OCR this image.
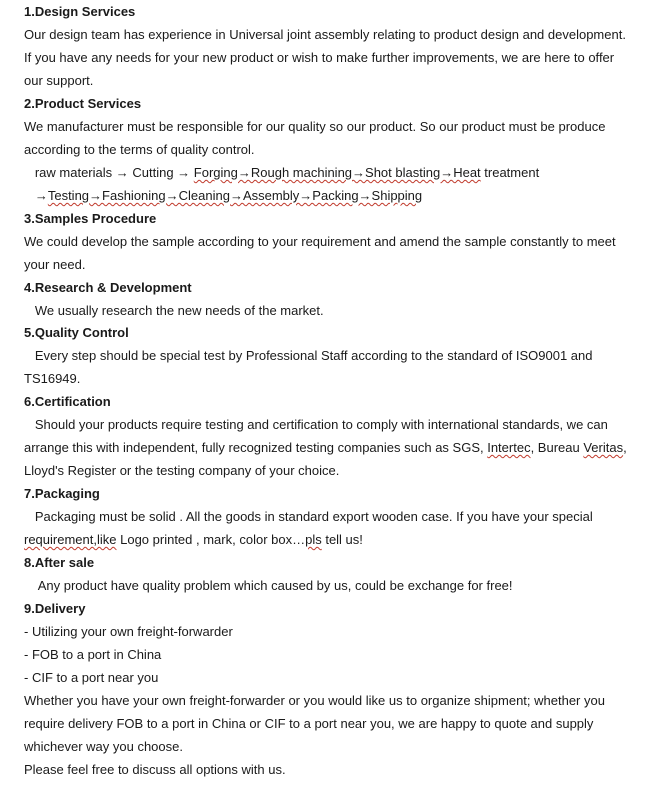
1.Design Services
Our design team has experience in Universal joint assembly relating to product design and development.
If you have any needs for your new product or wish to make further improvements, we are here to offer
our support.
2.Product Services
We manufacturer must be responsible for our quality so our product. So our product must be produce
according to the terms of quality control.
raw materials → Cutting → Forging→Rough machining→Shot blasting→Heat treatment
→Testing→Fashioning→Cleaning→Assembly→Packing→Shipping
3.Samples Procedure
We could develop the sample according to your requirement and amend the sample constantly to meet
your need.
4.Research & Development
We usually research the new needs of the market.
5.Quality Control
Every step should be special test by Professional Staff according to the standard of ISO9001 and
TS16949.
6.Certification
Should your products require testing and certification to comply with international standards, we can
arrange this with independent, fully recognized testing companies such as SGS, Intertec, Bureau Veritas,
Lloyd's Register or the testing company of your choice.
7.Packaging
Packaging must be solid . All the goods in standard export wooden case. If you have your special
requirement,like Logo printed , mark, color box…pls tell us!
8.After sale
Any product have quality problem which caused by us, could be exchange for free!
9.Delivery
- Utilizing your own freight-forwarder
- FOB to a port in China
- CIF to a port near you
Whether you have your own freight-forwarder or you would like us to organize shipment; whether you
require delivery FOB to a port in China or CIF to a port near you, we are happy to quote and supply
whichever way you choose.
Please feel free to discuss all options with us.
